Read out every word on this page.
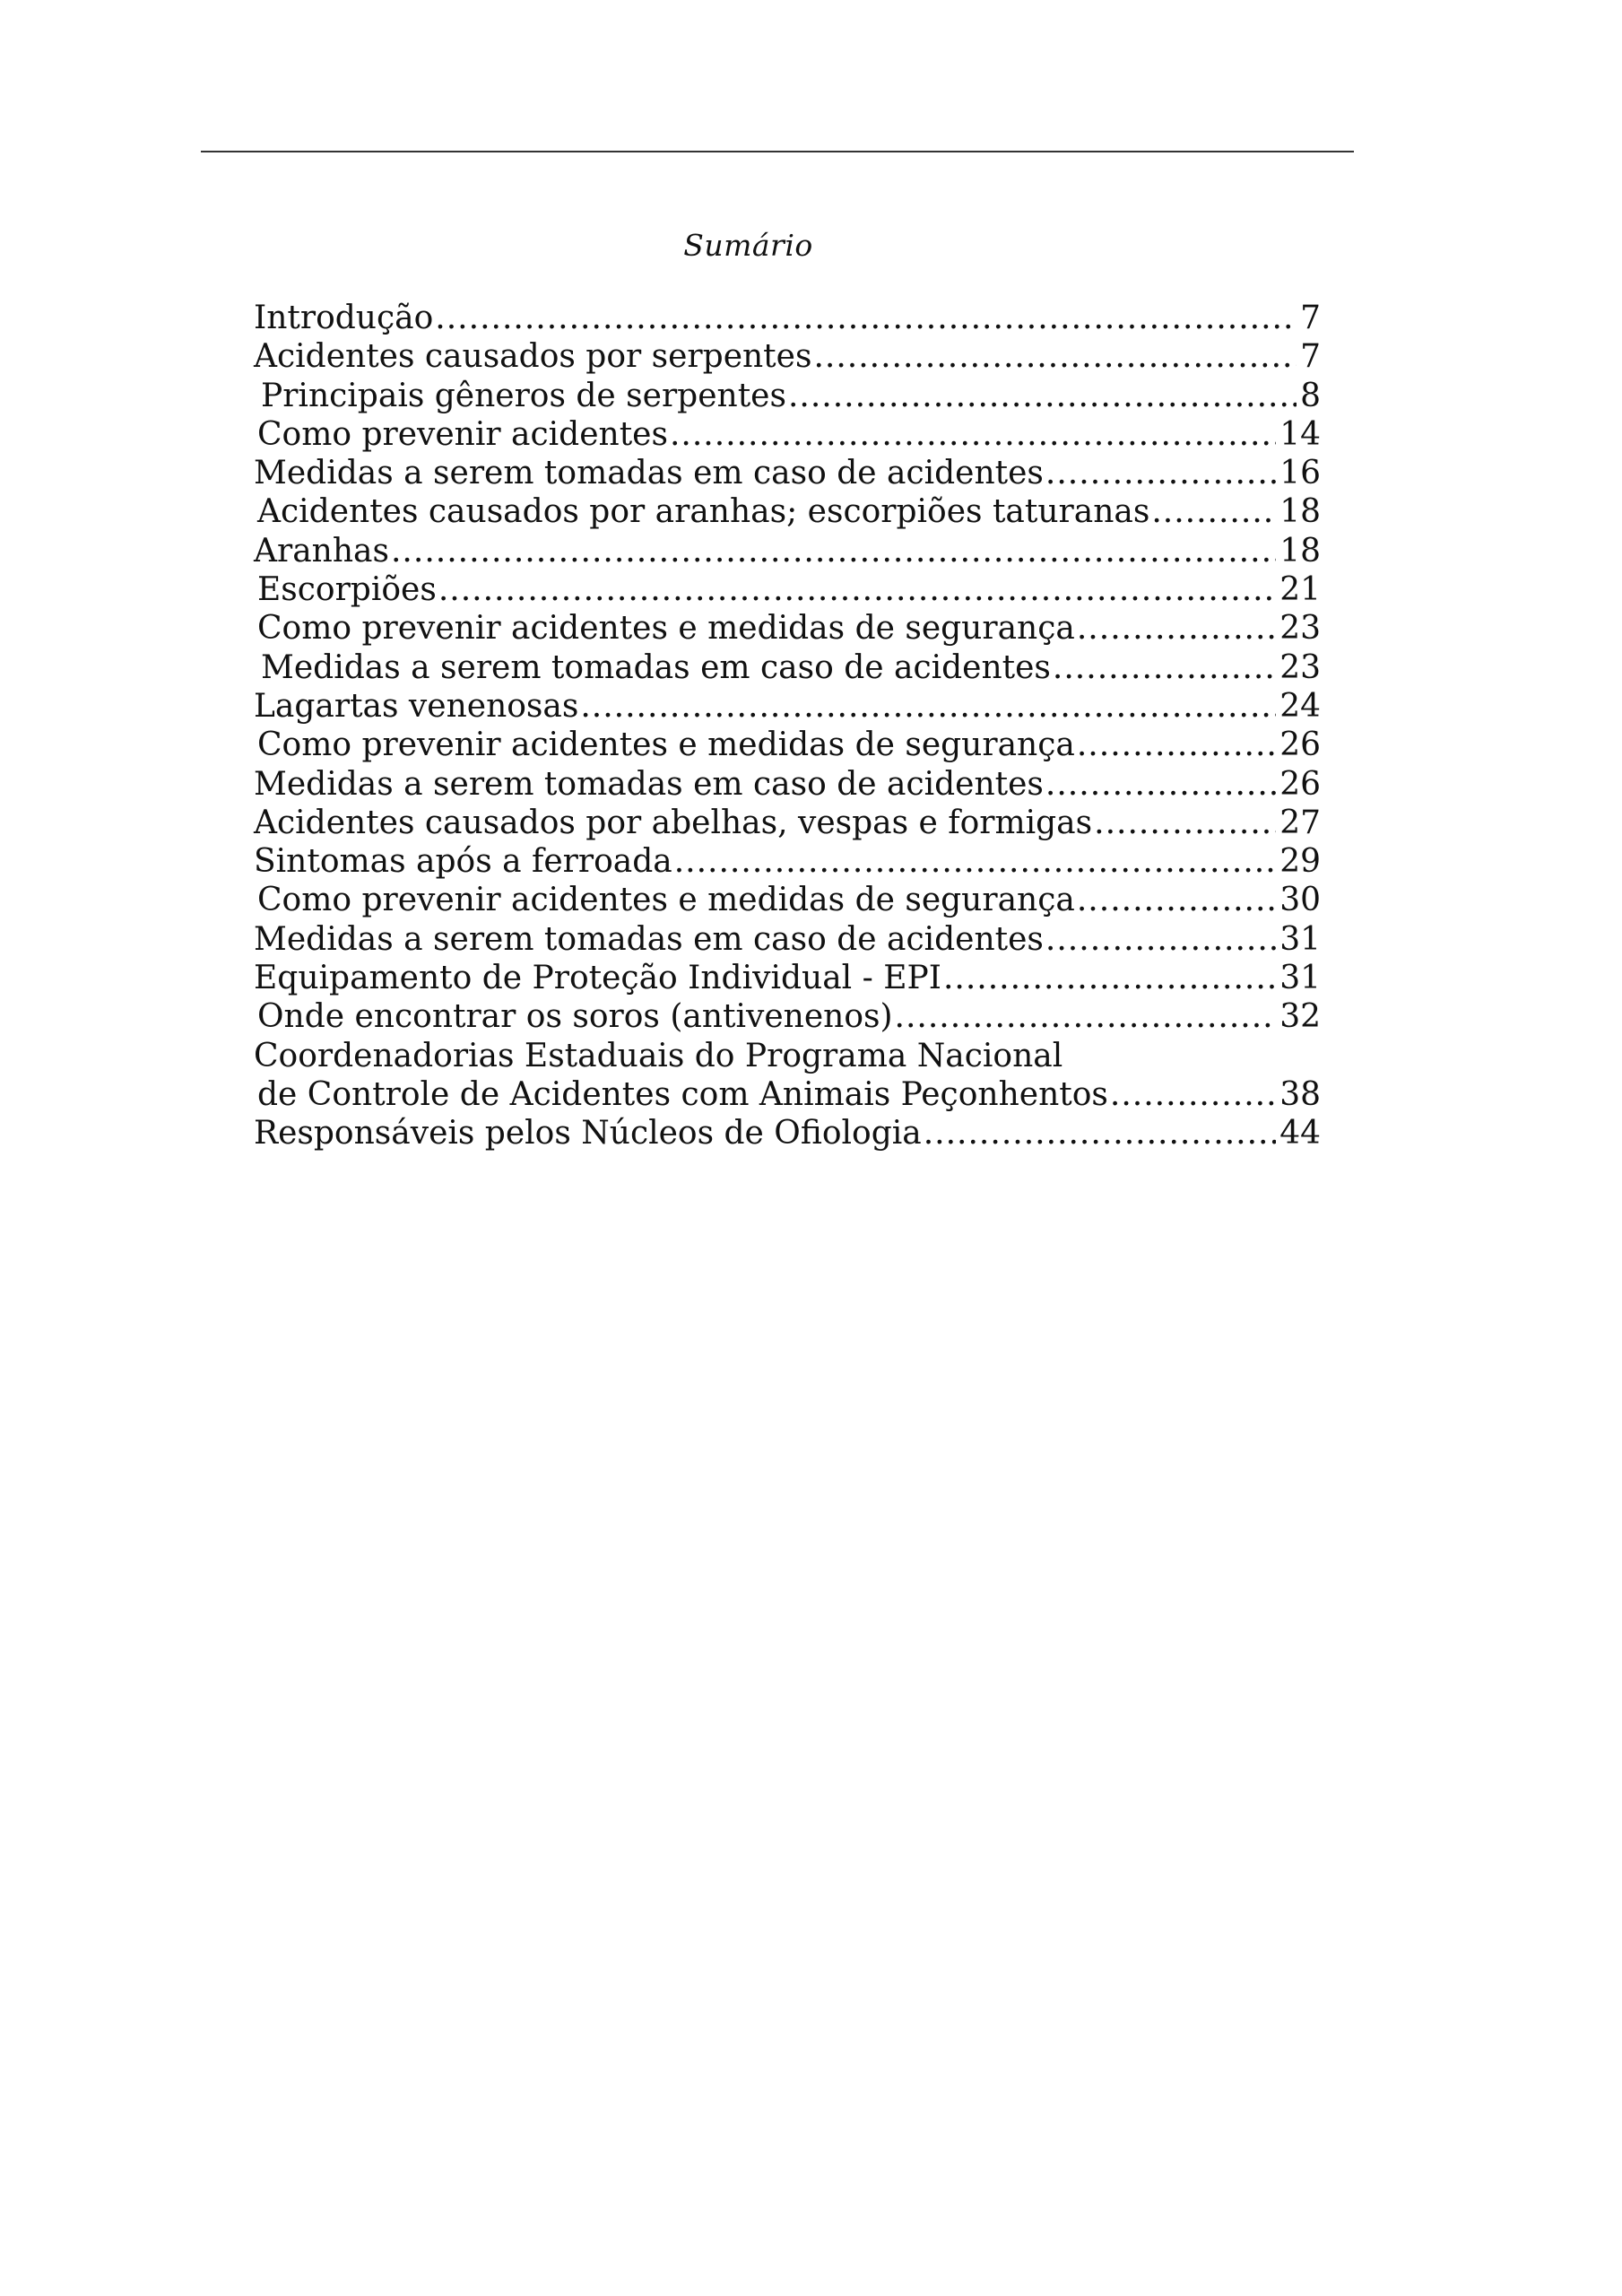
Sumário
Introdução .....	7
Acidentes causados por serpentes .....	7
Principais gêneros de serpentes .....	8
Como prevenir acidentes .....	14
Medidas a serem tomadas em caso de acidentes .....	16
Acidentes causados por aranhas; escorpiões taturanas .....	18
Aranhas .....	18
Escorpiões .....	21
Como prevenir acidentes e medidas de segurança .....	23
Medidas a serem tomadas em caso de acidentes .....	23
Lagartas venenosas .....	24
Como prevenir acidentes e medidas de segurança .....	26
Medidas a serem tomadas em caso de acidentes .....	26
Acidentes causados por abelhas, vespas e formigas .....	27
Sintomas após a ferroada .....	29
Como prevenir acidentes e medidas de segurança .....	30
Medidas a serem tomadas em caso de acidentes .....	31
Equipamento de Proteção Individual - EPI .....	31
Onde encontrar os soros (antivenenos) .....	32
Coordenadorias Estaduais do Programa Nacional
de Controle de Acidentes com Animais Peçonhentos .....	38
Responsáveis pelos Núcleos de Ofiologia .....	44
